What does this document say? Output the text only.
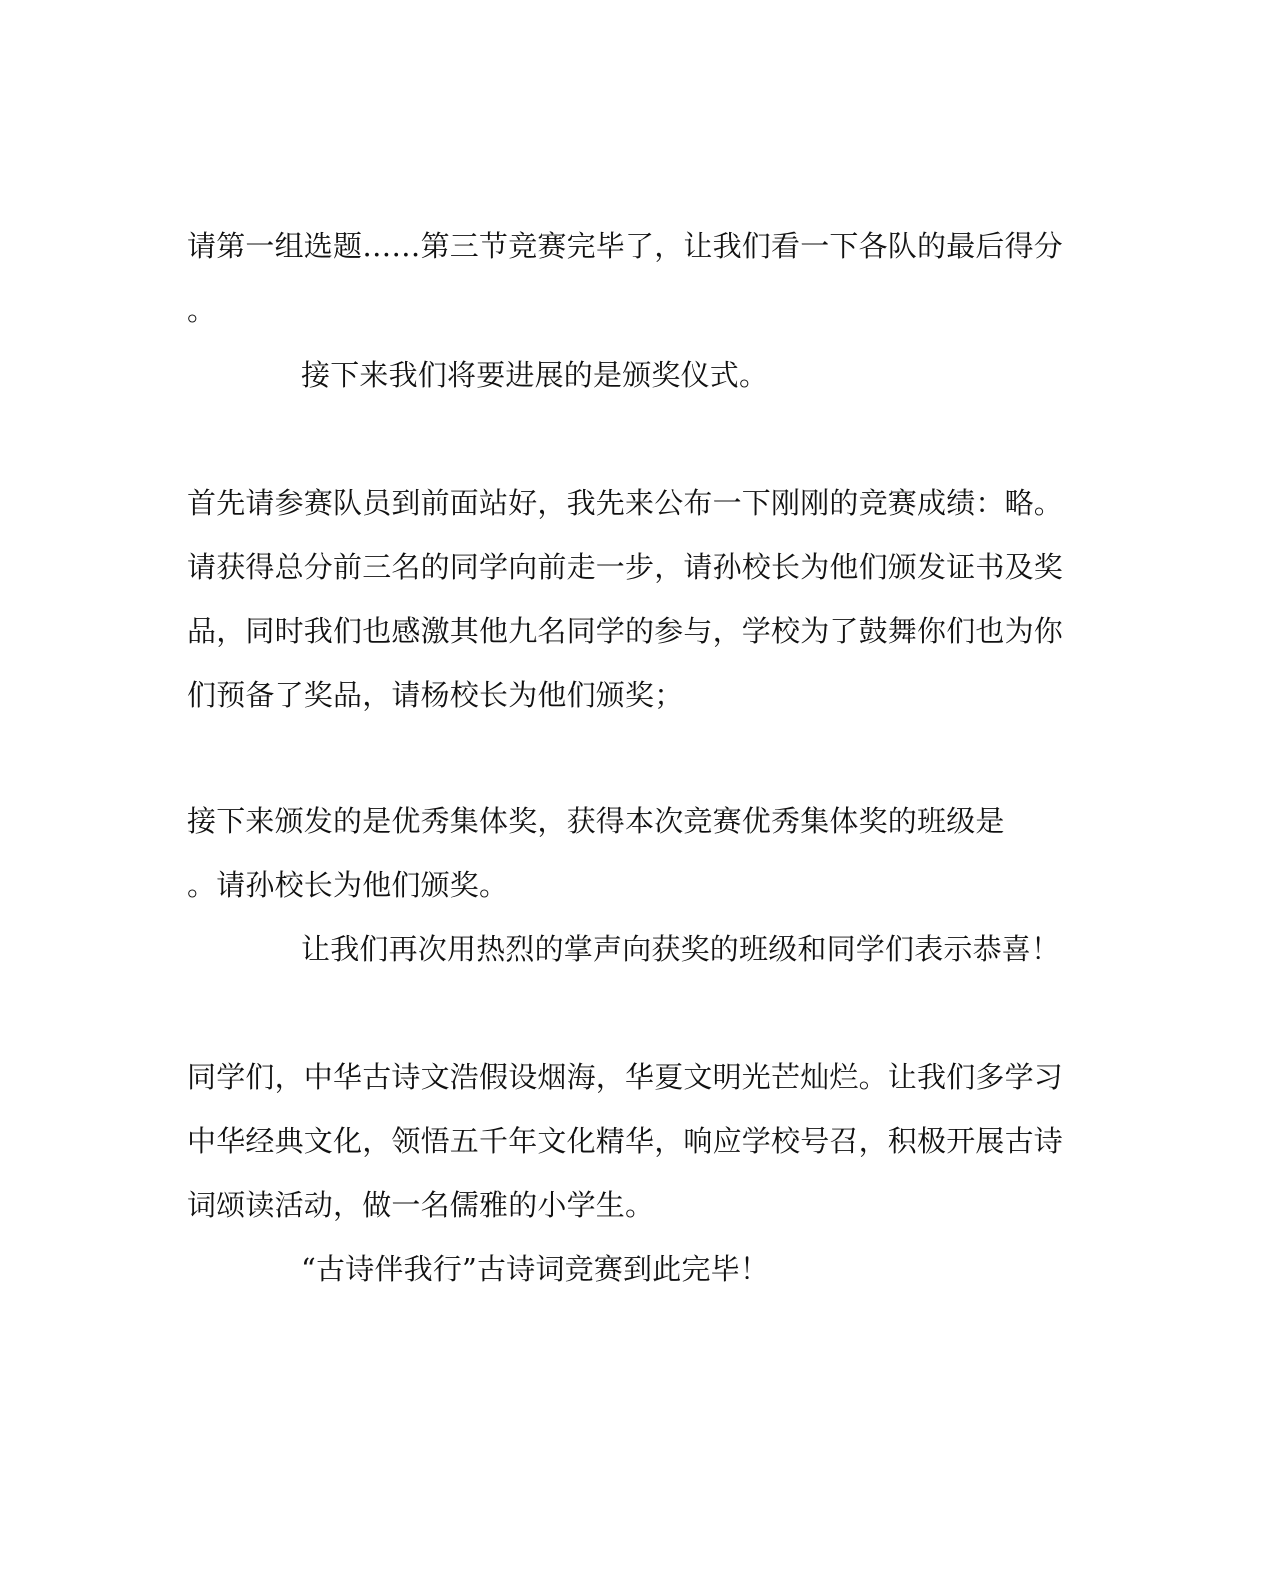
请第一组选题……第三节竞赛完毕了，让我们看一下各队的最后得分
。
接下来我们将要进展的是颁奖仪式。
首先请参赛队员到前面站好，我先来公布一下刚刚的竞赛成绩：略。
请获得总分前三名的同学向前走一步，请孙校长为他们颁发证书及奖
品，同时我们也感激其他九名同学的参与，学校为了鼓舞你们也为你
们预备了奖品，请杨校长为他们颁奖；
接下来颁发的是优秀集体奖，获得本次竞赛优秀集体奖的班级是
。请孙校长为他们颁奖。
让我们再次用热烈的掌声向获奖的班级和同学们表示恭喜！
同学们，中华古诗文浩假设烟海，华夏文明光芒灿烂。让我们多学习
中华经典文化，领悟五千年文化精华，响应学校号召，积极开展古诗
词颂读活动，做一名儒雅的小学生。
“古诗伴我行”古诗词竞赛到此完毕！
